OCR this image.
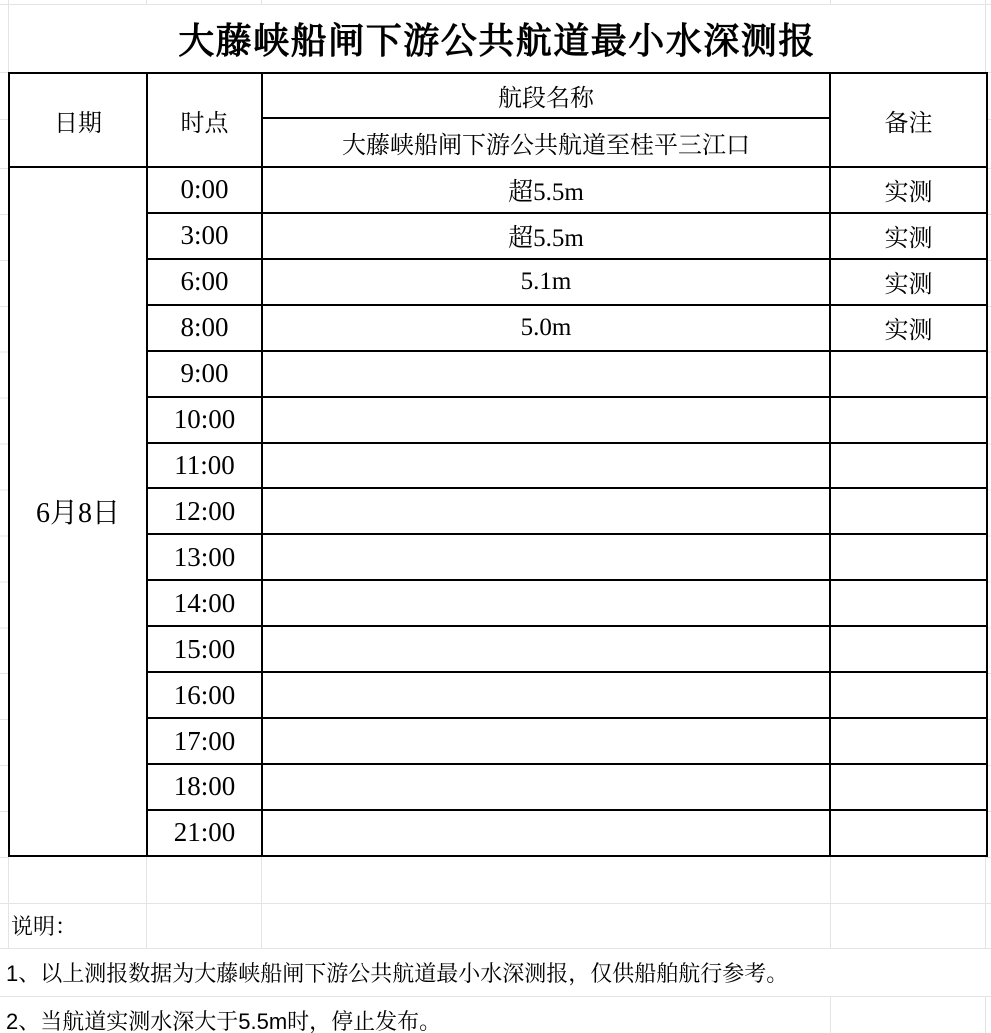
大藤峡船闸下游公共航道最小水深测报
日期	时点	航段名称	备注
		大藤峡船闸下游公共航道至桂平三江口	
6月8日	0:00	超5.5m	实测
	3:00	超5.5m	实测
	6:00	5.1m	实测
	8:00	5.0m	实测
	9:00		
	10:00		
	11:00		
	12:00		
	13:00		
	14:00		
	15:00		
	16:00		
	17:00		
	18:00		
	21:00		
说明：
1、以上测报数据为大藤峡船闸下游公共航道最小水深测报，仅供船舶航行参考。
2、当航道实测水深大于5.5m时，停止发布。
